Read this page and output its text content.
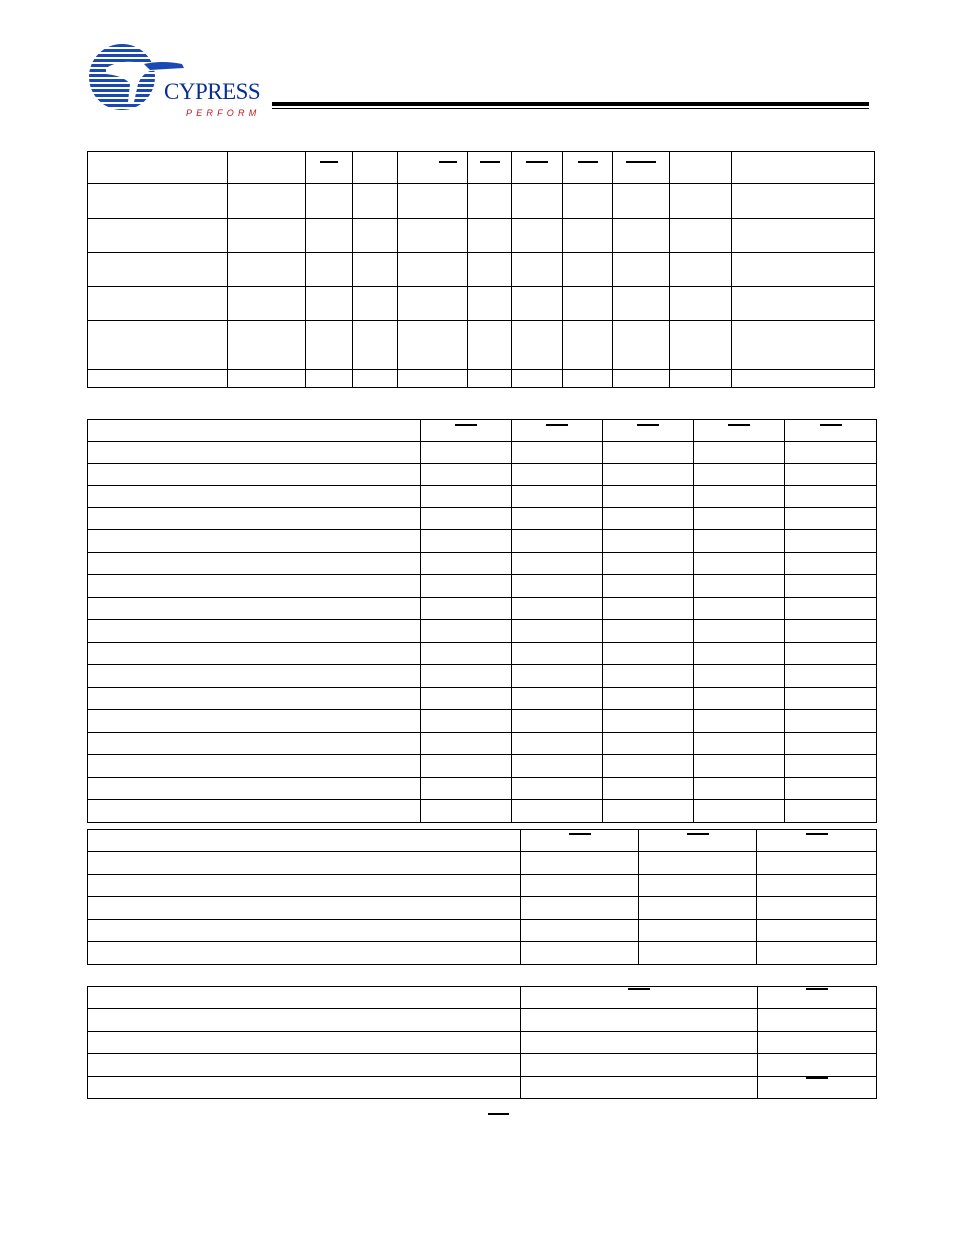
CYPRESS
PERFORM
